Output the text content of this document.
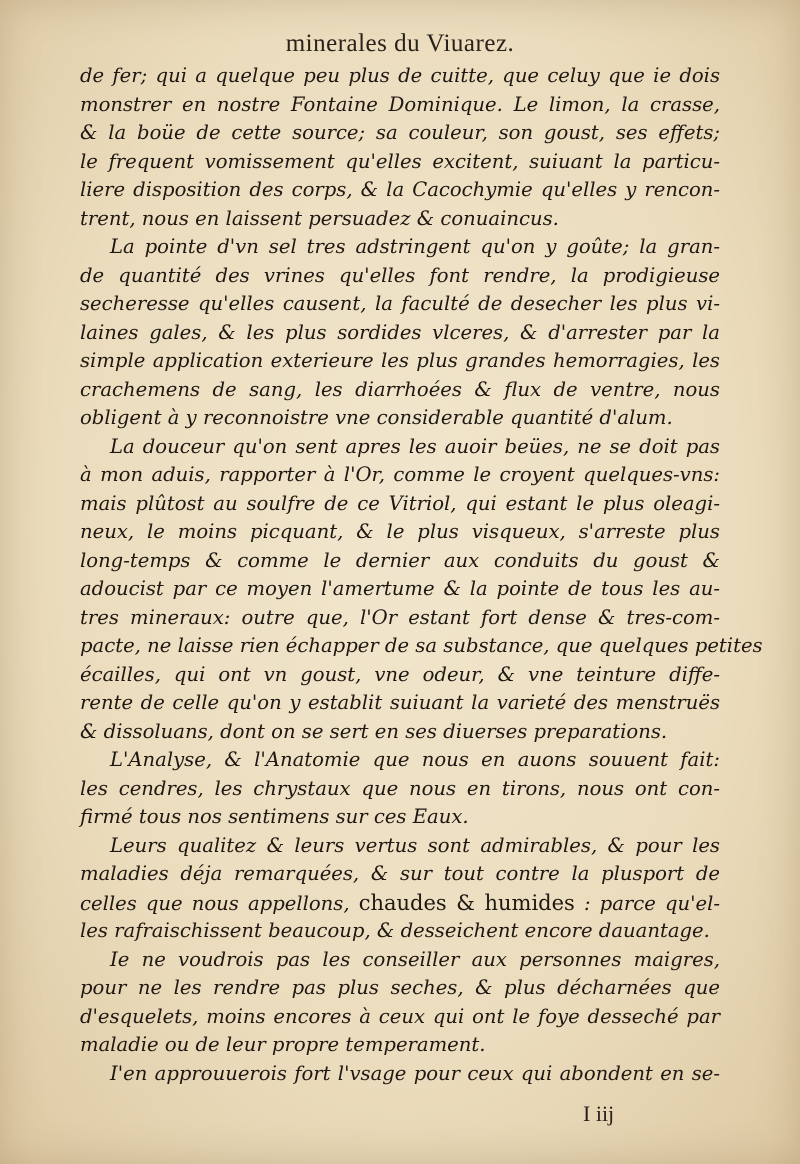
minerales du Viuarez.
de fer; qui a quelque peu plus de cuitte, que celuy que ie dois
monstrer en nostre Fontaine Dominique. Le limon, la crasse,
& la boüe de cette source; sa couleur, son goust, ses effets;
le frequent vomissement qu'elles excitent, suiuant la particu-
liere disposition des corps, & la Cacochymie qu'elles y rencon-
trent, nous en laissent persuadez & conuaincus.
La pointe d'vn sel tres adstringent qu'on y goûte; la gran-
de quantité des vrines qu'elles font rendre, la prodigieuse
secheresse qu'elles causent, la faculté de desecher les plus vi-
laines gales, & les plus sordides vlceres, & d'arrester par la
simple application exterieure les plus grandes hemorragies, les
crachemens de sang, les diarrhoées & flux de ventre, nous
obligent à y reconnoistre vne considerable quantité d'alum.
La douceur qu'on sent apres les auoir beües, ne se doit pas
à mon aduis, rapporter à l'Or, comme le croyent quelques-vns:
mais plûtost au soulfre de ce Vitriol, qui estant le plus oleagi-
neux, le moins picquant, & le plus visqueux, s'arreste plus
long-temps & comme le dernier aux conduits du goust &
adoucist par ce moyen l'amertume & la pointe de tous les au-
tres mineraux: outre que, l'Or estant fort dense & tres-com-
pacte, ne laisse rien échapper de sa substance, que quelques petites
écailles, qui ont vn goust, vne odeur, & vne teinture diffe-
rente de celle qu'on y establit suiuant la varieté des menstruës
& dissoluans, dont on se sert en ses diuerses preparations.
L'Analyse, & l'Anatomie que nous en auons souuent fait:
les cendres, les chrystaux que nous en tirons, nous ont con-
firmé tous nos sentimens sur ces Eaux.
Leurs qualitez & leurs vertus sont admirables, & pour les
maladies déja remarquées, & sur tout contre la plusport de
celles que nous appellons, chaudes & humides : parce qu'el-
les rafraischissent beaucoup, & desseichent encore dauantage.
Ie ne voudrois pas les conseiller aux personnes maigres,
pour ne les rendre pas plus seches, & plus décharnées que
d'esquelets, moins encores à ceux qui ont le foye desseché par
maladie ou de leur propre temperament.
I'en approuuerois fort l'vsage pour ceux qui abondent en se-
I iij
